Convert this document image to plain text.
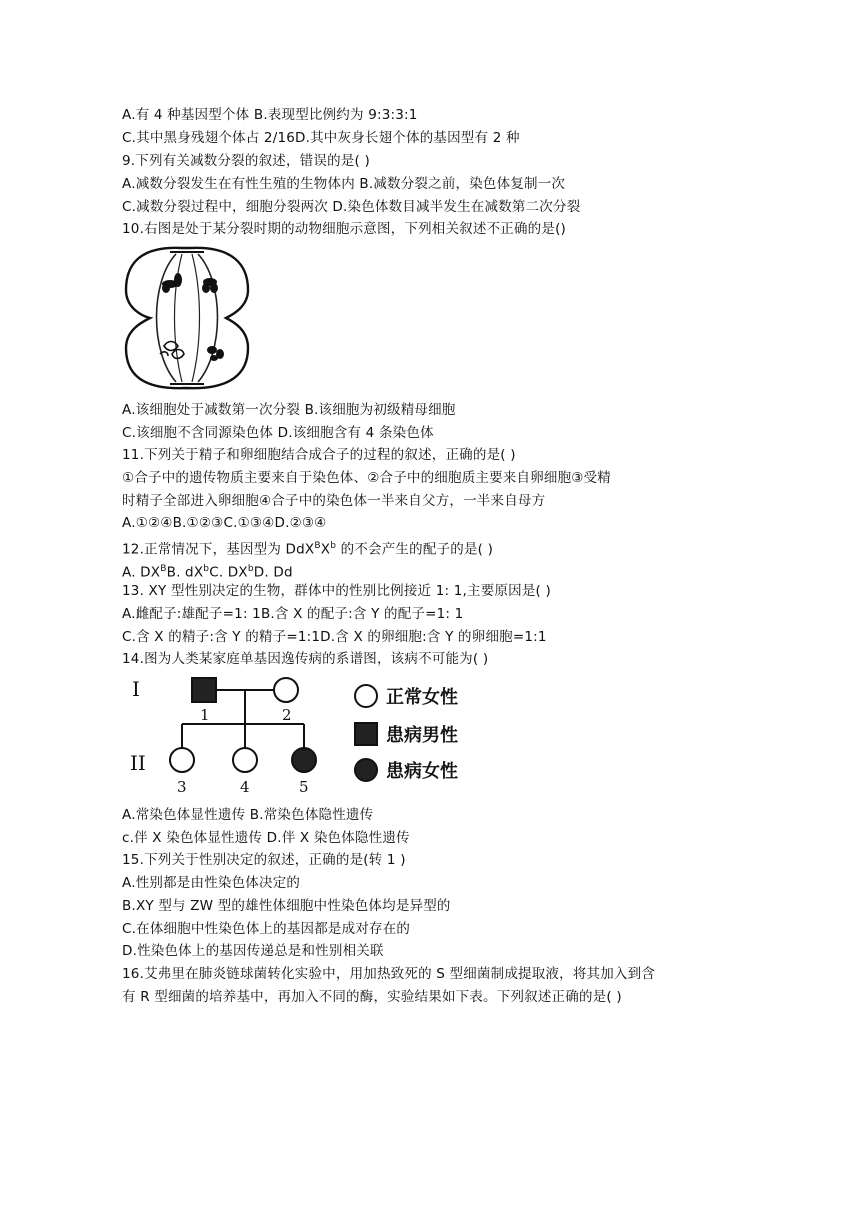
A.有 4 种基因型个体 B.表现型比例约为 9:3:3:1
C.其中黑身残翅个体占 2/16D.其中灰身长翅个体的基因型有 2 种
9.下列有关减数分裂的叙述，错误的是( )
A.减数分裂发生在有性生殖的生物体内 B.减数分裂之前，染色体复制一次
C.减数分裂过程中，细胞分裂两次 D.染色体数目减半发生在减数第二次分裂
10.右图是处于某分裂时期的动物细胞示意图，下列相关叙述不正确的是()
A.该细胞处于减数第一次分裂 B.该细胞为初级精母细胞
C.该细胞不含同源染色体 D.该细胞含有 4 条染色体
11.下列关于精子和卵细胞结合成合子的过程的叙述，正确的是( )
①合子中的遗传物质主要来自于染色体、②合子中的细胞质主要来自卵细胞③受精
时精子全部进入卵细胞④合子中的染色体一半来自父方，一半来自母方
A.①②④B.①②③C.①③④D.②③④
12.正常情况下，基因型为 $DdX^BX^b$ 的不会产生的配子的是( )
A. $DX^BB$. $dX^bC$. $DX^bD$. Dd
13. XY 型性别决定的生物，群体中的性别比例接近 1: 1,主要原因是( )
A.雌配子:雄配子=1: 1B.含 X 的配子:含 Y 的配子=1: 1
C.含 X 的精子:含 Y 的精子=1:1D.含 X 的卵细胞:含 Y 的卵细胞=1:1
14.图为人类某家庭单基因逸传病的系谱图，该病不可能为( )
I
II
1	2
3	4	5
正常女性
患病男性
患病女性
A.常染色体显性遗传 B.常染色体隐性遗传
c.伴 X 染色体显性遗传 D.伴 X 染色体隐性遗传
15.下列关于性别决定的叙述，正确的是(转 1 )
A.性别都是由性染色体决定的
B.XY 型与 ZW 型的雄性体细胞中性染色体均是异型的
C.在体细胞中性染色体上的基因都是成对存在的
D.性染色体上的基因传递总是和性别相关联
16.艾弗里在肺炎链球菌转化实验中，用加热致死的 S 型细菌制成提取液，将其加入到含
有 R 型细菌的培养基中，再加入不同的酶，实验结果如下表。下列叙述正确的是( )
